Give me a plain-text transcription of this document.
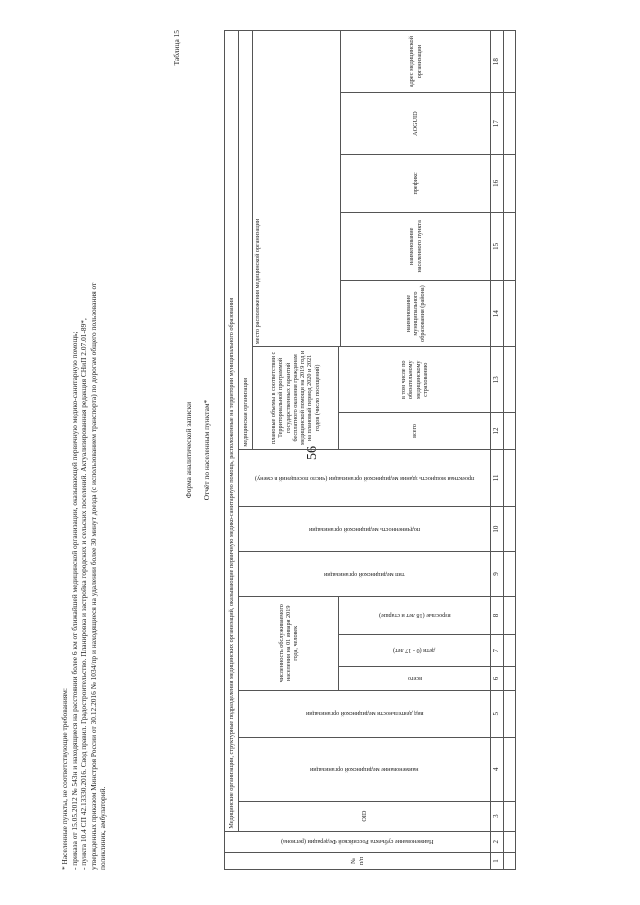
56

* Населенные пункты, не соответствующие требованиям: - приказа от 15.05.2012 № 543н и находящиеся на расстоянии более 6 км от ближайшей медицинской организации, оказывающей первичную медико-санитарную помощь; - пункта 10.4 СП 42.13330.2016. Свод правил. Градостроительство. Планировка и застройка городских и сельских поселений. Актуализированная редакция СНиП 2.07.01-89*, утвержденных приказом Минстроя России от 30.12.2016 № 1034/пр и находящиеся на удалении более 30 минут доезда (с использованием транспорта) по дорогам общего пользования от поликлиник, амбулаторий.

Таблица 15
Форма аналитической записки Отчёт по населенным пунктам*
№ п/п	Наименование субъекта Российской Федерации (региона)	Медицинские организации, структурные подразделения медицинских организаций, оказывающие первичную медико-санитарную помощь, расположенные на территории муниципального образования															
		OID	наименование медицинской организации	вид деятельности медицинской организации	численность обслуживаемого населения на 01 января 2019 года, человек			тип медицинской организации	подчиненность медицинской организации	проектная мощность здания медицинской организации (число посещений в смену)	медицинская организация						
											плановые объемы в соответствии с Территориальной программой государственных гарантий бесплатного оказания гражданам медицинской помощи на 2019 год и на плановый период 2020 и 2021 годов (число посещений)		место расположения медицинской организации				

					всего	дети (0 - 17 лет)	взрослые (18 лет и старше)				всего	в том числе по обязательному медицинскому страхованию					
													наименование муниципального образования (района)	наименование населенного пункта	префикс	AOGUID	адрес медицинской организации
1	2	3	4	5	6	7	8	9	10	11	12	13	14	15	16	17	18
